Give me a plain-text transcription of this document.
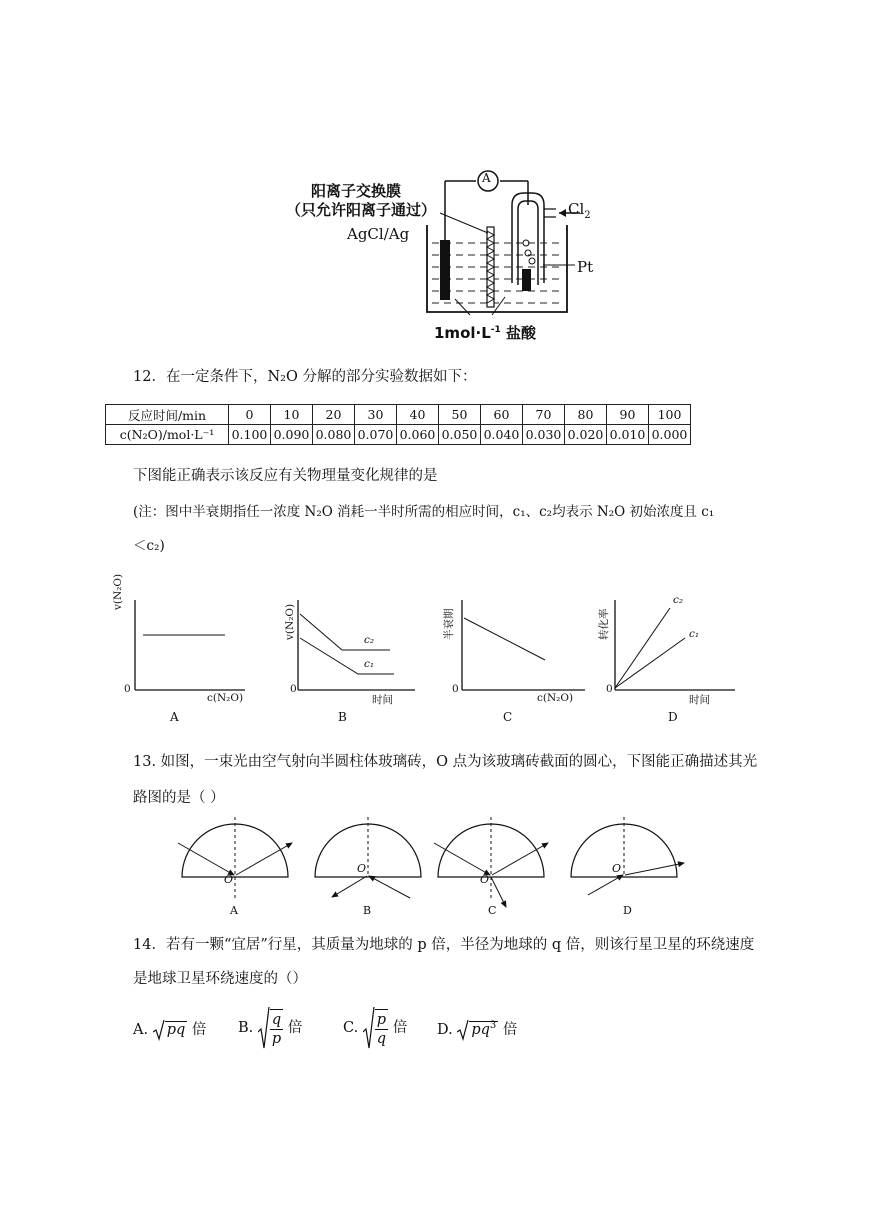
A
阳离子交换膜
（只允许阳离子通过）
AgCl/Ag
$Cl_2$
Pt
$1mol\cdot L^{-1}$ 盐酸
12．在一定条件下，N₂O 分解的部分实验数据如下：
反应时间/min	0	10	20	30	40	50	60	70	80	90	100
c(N₂O)/mol·L⁻¹	0.100	0.090	0.080	0.070	0.060	0.050	0.040	0.030	0.020	0.010	0.000
下图能正确表示该反应有关物理量变化规律的是
(注：图中半衰期指任一浓度 N₂O 消耗一半时所需的相应时间，c₁、c₂均表示 N₂O 初始浓度且 c₁
＜c₂)
v(N₂O)
0
c(N₂O)
A
v(N₂O)
0
c₂
c₁
时间
B
半衰期
0
c(N₂O)
C
转化率
0
c₂
c₁
时间
D
13. 如图，一束光由空气射向半圆柱体玻璃砖，O 点为该玻璃砖截面的圆心，下图能正确描述其光
路图的是（ ）
O
O
O
O
A	B	C	D
14．若有一颗“宜居”行星，其质量为地球的 p 倍，半径为地球的 q 倍，则该行星卫星的环绕速度
是地球卫星环绕速度的（）
A. pq 倍 B. $\frac{q}{p}$ 倍	C. $\frac{p}{q}$ 倍 D. $pq^3$ 倍
